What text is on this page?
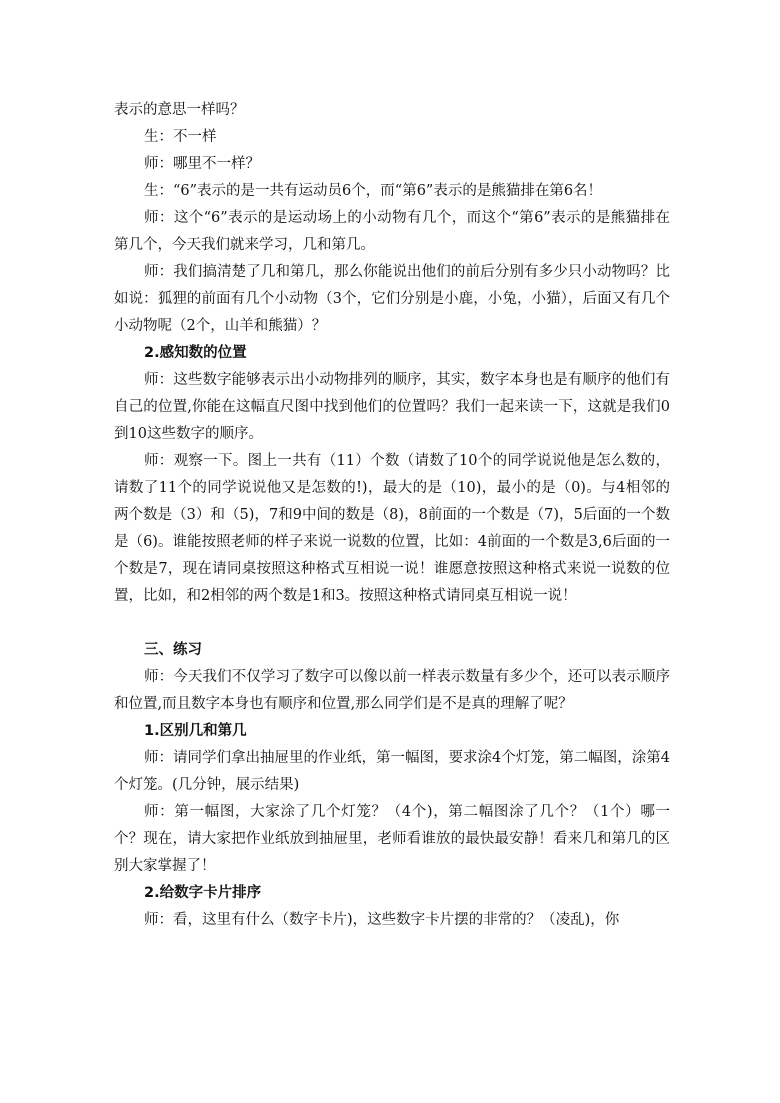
表示的意思一样吗？

生：不一样

师：哪里不一样？

生：“6”表示的是一共有运动员6个，而“第6”表示的是熊猫排在第6名！

师：这个“6”表示的是运动场上的小动物有几个，而这个“第6”表示的是熊猫排在第几个，今天我们就来学习，几和第几。

师：我们搞清楚了几和第几，那么你能说出他们的前后分别有多少只小动物吗？比如说：狐狸的前面有几个小动物（3个，它们分别是小鹿，小兔，小猫），后面又有几个小动物呢（2个，山羊和熊猫）？

2.感知数的位置

师：这些数字能够表示出小动物排列的顺序，其实，数字本身也是有顺序的他们有自己的位置,你能在这幅直尺图中找到他们的位置吗？我们一起来读一下，这就是我们0到10这些数字的顺序。

师：观察一下。图上一共有（11）个数（请数了10个的同学说说他是怎么数的，请数了11个的同学说说他又是怎数的!)，最大的是（10)，最小的是（0)。与4相邻的两个数是（3）和（5)，7和9中间的数是（8)，8前面的一个数是（7)，5后面的一个数是（6)。谁能按照老师的样子来说一说数的位置，比如：4前面的一个数是3,6后面的一个数是7，现在请同桌按照这种格式互相说一说！谁愿意按照这种格式来说一说数的位置，比如，和2相邻的两个数是1和3。按照这种格式请同桌互相说一说！

三、练习

师：今天我们不仅学习了数字可以像以前一样表示数量有多少个，还可以表示顺序和位置,而且数字本身也有顺序和位置,那么同学们是不是真的理解了呢？

1.区别几和第几

师：请同学们拿出抽屉里的作业纸，第一幅图，要求涂4个灯笼，第二幅图，涂第4个灯笼。(几分钟，展示结果)

师：第一幅图，大家涂了几个灯笼？（4个)，第二幅图涂了几个？（1个）哪一个？现在，请大家把作业纸放到抽屉里，老师看谁放的最快最安静！看来几和第几的区别大家掌握了！

2.给数字卡片排序

师：看，这里有什么（数字卡片)，这些数字卡片摆的非常的？（凌乱)，你
